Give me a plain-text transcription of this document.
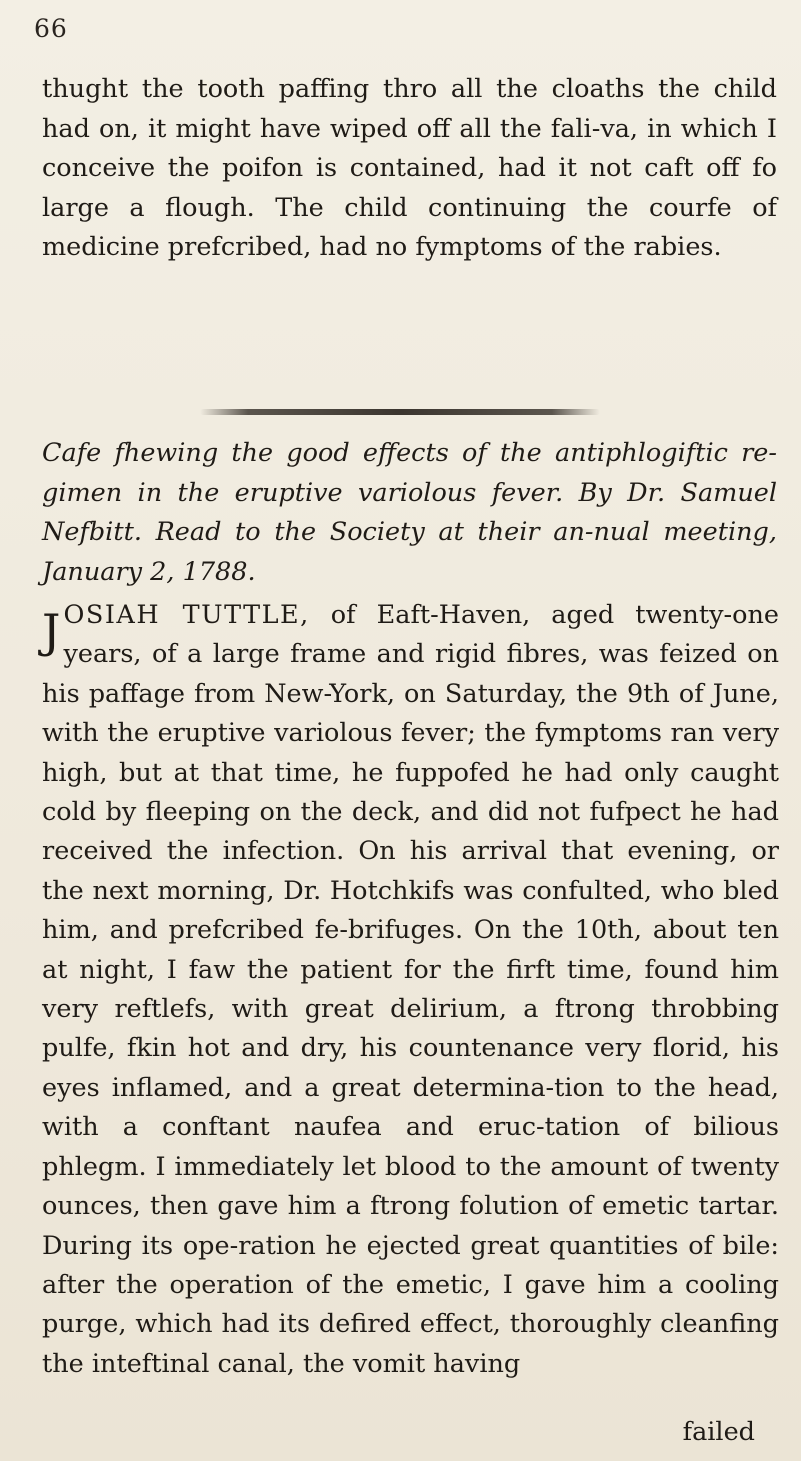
66

thught the tooth paffing thro all the cloaths the child had on, it might have wiped off all the fali-va, in which I conceive the poifon is contained, had it not caft off fo large a flough. The child continuing the courfe of medicine prefcribed, had no fymptoms of the rabies.

Cafe fhewing the good effects of the antiphlogiftic re-gimen in the eruptive variolous fever. By Dr. Samuel Nefbitt. Read to the Society at their an-nual meeting, January 2, 1788.

JOSIAH TUTTLE, of Eaft-Haven, aged twenty-one years, of a large frame and rigid fibres, was feized on his paffage from New-York, on Saturday, the 9th of June, with the eruptive variolous fever; the fymptoms ran very high, but at that time, he fuppofed he had only caught cold by fleeping on the deck, and did not fufpect he had received the infection. On his arrival that evening, or the next morning, Dr. Hotchkifs was confulted, who bled him, and prefcribed fe-brifuges. On the 10th, about ten at night, I faw the patient for the firft time, found him very reftlefs, with great delirium, a ftrong throbbing pulfe, fkin hot and dry, his countenance very florid, his eyes inflamed, and a great determina-tion to the head, with a conftant naufea and eruc-tation of bilious phlegm. I immediately let blood to the amount of twenty ounces, then gave him a ftrong folution of emetic tartar. During its ope-ration he ejected great quantities of bile: after the operation of the emetic, I gave him a cooling purge, which had its defired effect, thoroughly cleanfing the inteftinal canal, the vomit having

failed
